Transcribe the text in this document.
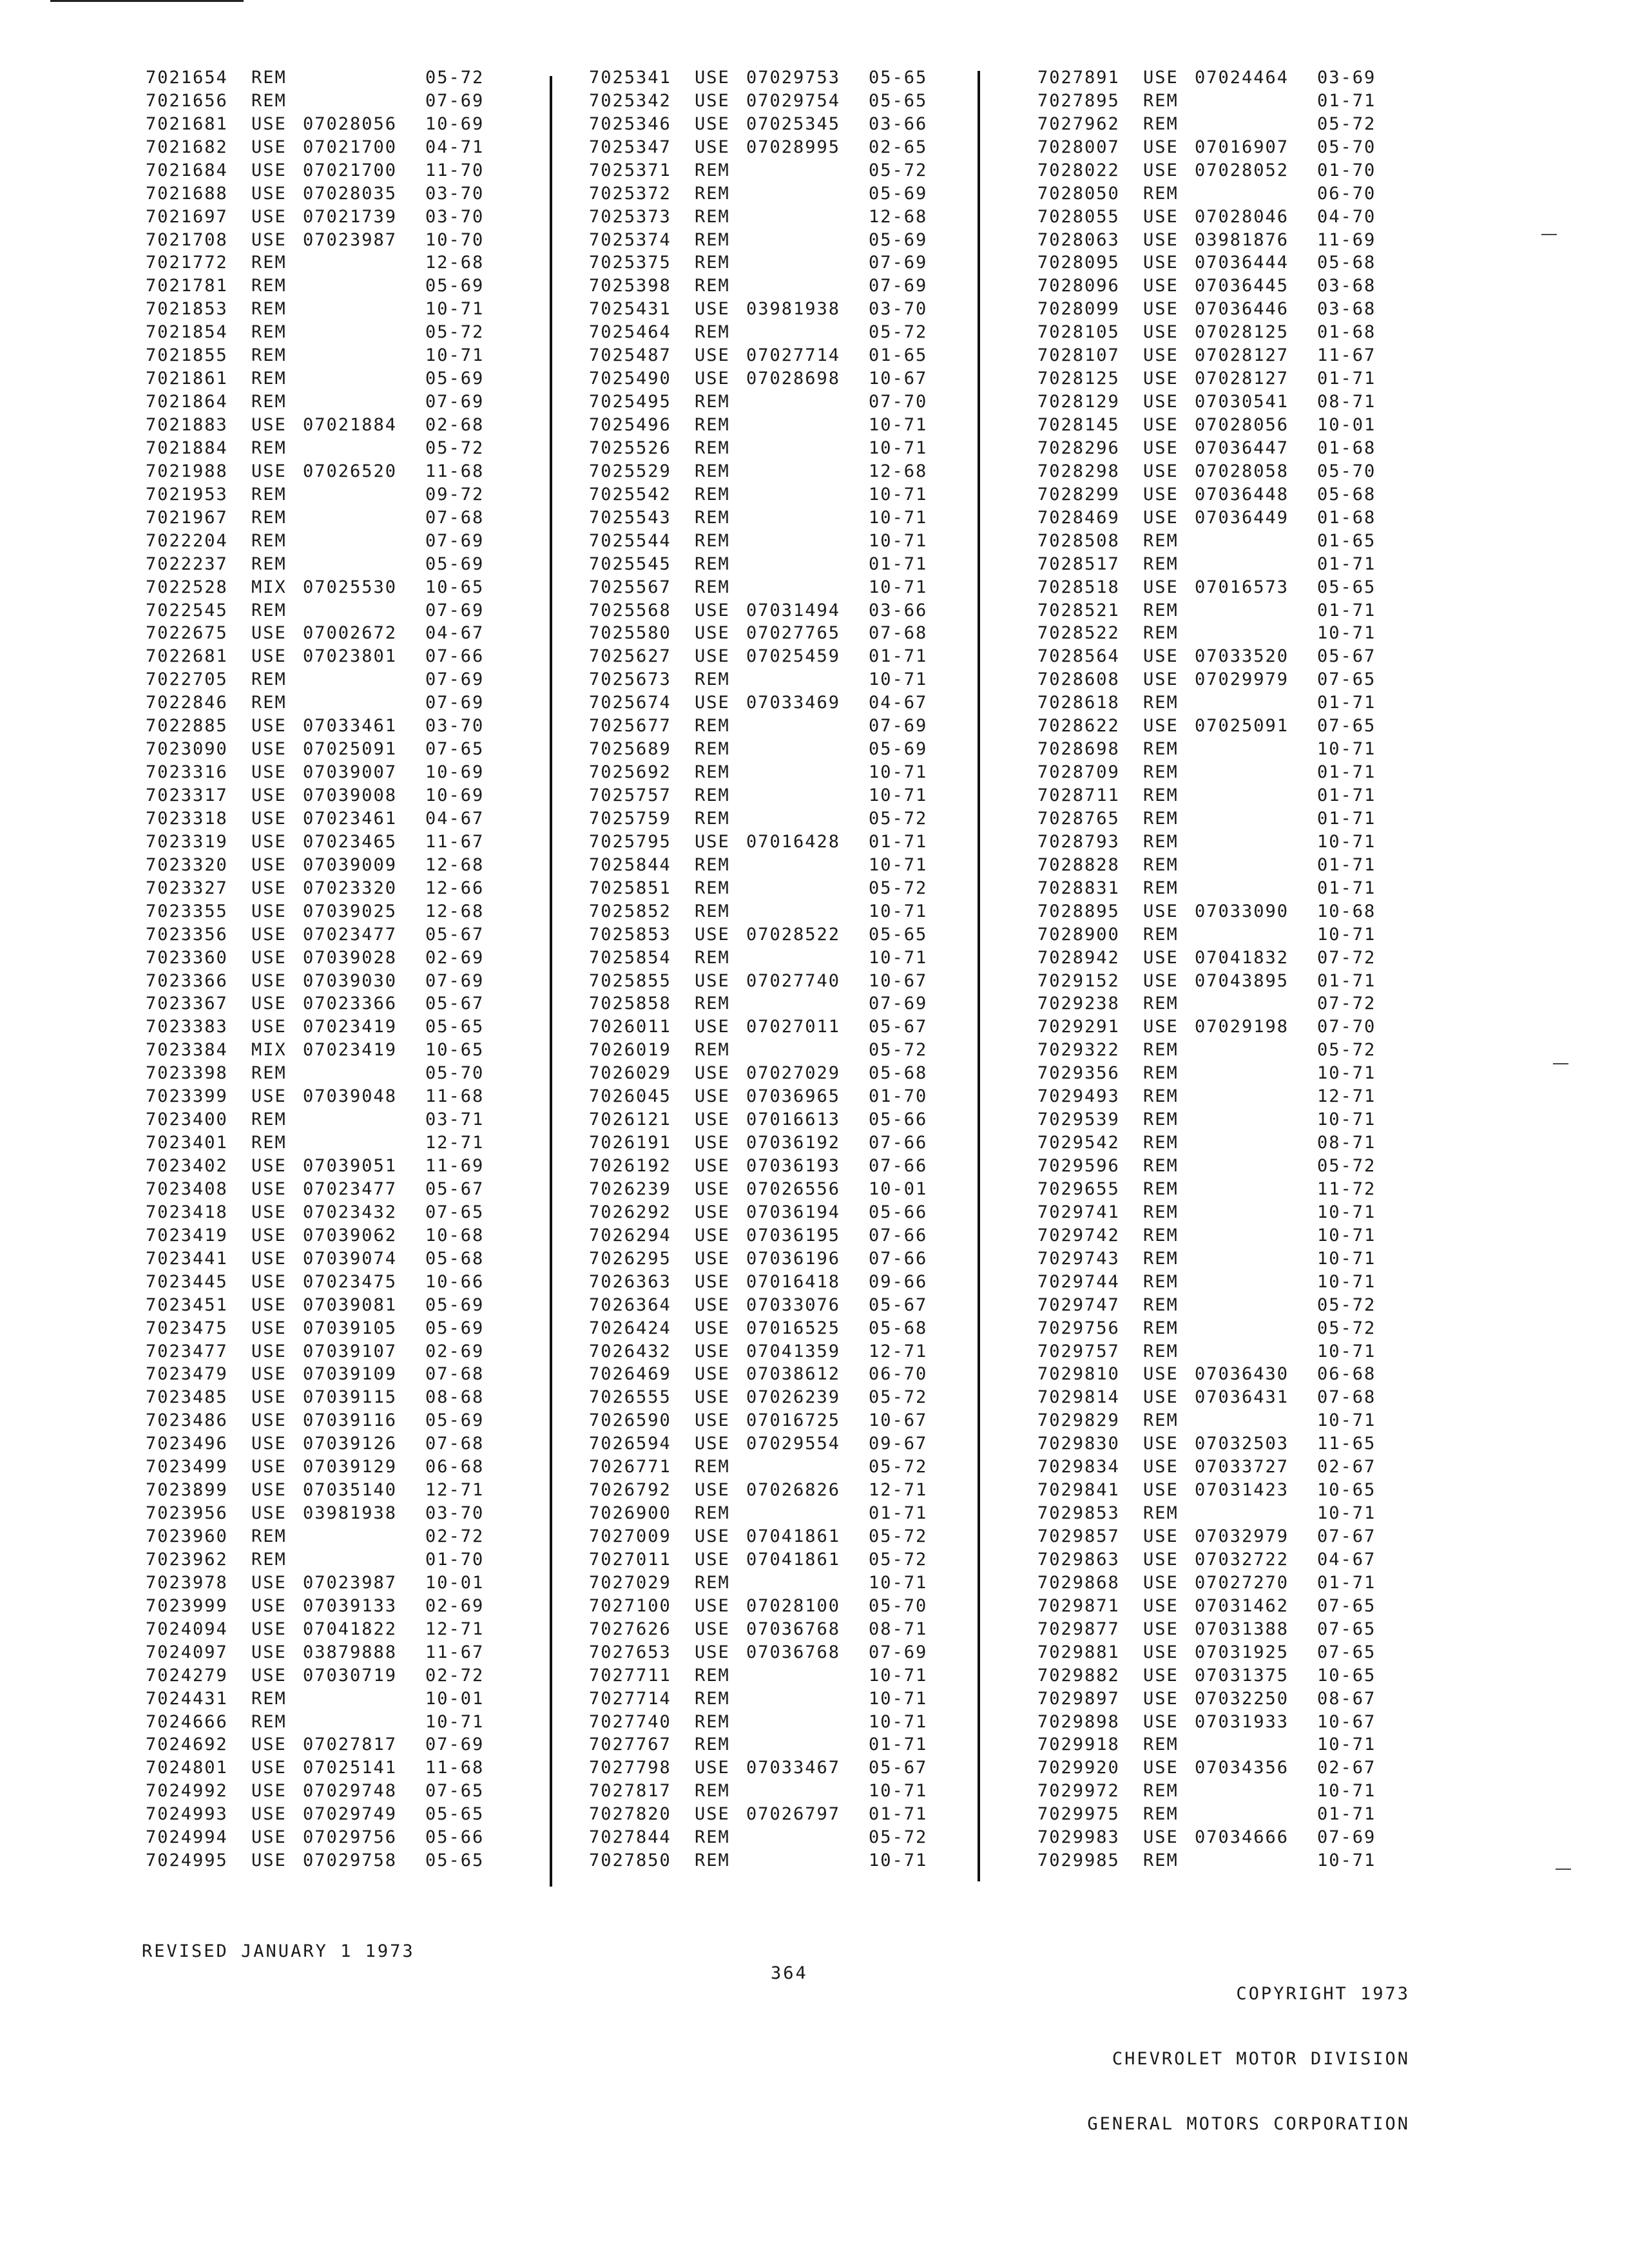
7021654	REM	05-72
7021656	REM	07-69
7021681	USE 07028056	10-69
7021682	USE 07021700	04-71
7021684	USE 07021700	11-70
7021688	USE 07028035	03-70
7021697	USE 07021739	03-70
7021708	USE 07023987	10-70
7021772	REM	12-68
7021781	REM	05-69
7021853	REM	10-71
7021854	REM	05-72
7021855	REM	10-71
7021861	REM	05-69
7021864	REM	07-69
7021883	USE 07021884	02-68
7021884	REM	05-72
7021988	USE 07026520	11-68
7021953	REM	09-72
7021967	REM	07-68
7022204	REM	07-69
7022237	REM	05-69
7022528	MIX 07025530	10-65
7022545	REM	07-69
7022675	USE 07002672	04-67
7022681	USE 07023801	07-66
7022705	REM	07-69
7022846	REM	07-69
7022885	USE 07033461	03-70
7023090	USE 07025091	07-65
7023316	USE 07039007	10-69
7023317	USE 07039008	10-69
7023318	USE 07023461	04-67
7023319	USE 07023465	11-67
7023320	USE 07039009	12-68
7023327	USE 07023320	12-66
7023355	USE 07039025	12-68
7023356	USE 07023477	05-67
7023360	USE 07039028	02-69
7023366	USE 07039030	07-69
7023367	USE 07023366	05-67
7023383	USE 07023419	05-65
7023384	MIX 07023419	10-65
7023398	REM	05-70
7023399	USE 07039048	11-68
7023400	REM	03-71
7023401	REM	12-71
7023402	USE 07039051	11-69
7023408	USE 07023477	05-67
7023418	USE 07023432	07-65
7023419	USE 07039062	10-68
7023441	USE 07039074	05-68
7023445	USE 07023475	10-66
7023451	USE 07039081	05-69
7023475	USE 07039105	05-69
7023477	USE 07039107	02-69
7023479	USE 07039109	07-68
7023485	USE 07039115	08-68
7023486	USE 07039116	05-69
7023496	USE 07039126	07-68
7023499	USE 07039129	06-68
7023899	USE 07035140	12-71
7023956	USE 03981938	03-70
7023960	REM	02-72
7023962	REM	01-70
7023978	USE 07023987	10-01
7023999	USE 07039133	02-69
7024094	USE 07041822	12-71
7024097	USE 03879888	11-67
7024279	USE 07030719	02-72
7024431	REM	10-01
7024666	REM	10-71
7024692	USE 07027817	07-69
7024801	USE 07025141	11-68
7024992	USE 07029748	07-65
7024993	USE 07029749	05-65
7024994	USE 07029756	05-66
7024995	USE 07029758	05-65
7025341	USE 07029753	05-65
7025342	USE 07029754	05-65
7025346	USE 07025345	03-66
7025347	USE 07028995	02-65
7025371	REM	05-72
7025372	REM	05-69
7025373	REM	12-68
7025374	REM	05-69
7025375	REM	07-69
7025398	REM	07-69
7025431	USE 03981938	03-70
7025464	REM	05-72
7025487	USE 07027714	01-65
7025490	USE 07028698	10-67
7025495	REM	07-70
7025496	REM	10-71
7025526	REM	10-71
7025529	REM	12-68
7025542	REM	10-71
7025543	REM	10-71
7025544	REM	10-71
7025545	REM	01-71
7025567	REM	10-71
7025568	USE 07031494	03-66
7025580	USE 07027765	07-68
7025627	USE 07025459	01-71
7025673	REM	10-71
7025674	USE 07033469	04-67
7025677	REM	07-69
7025689	REM	05-69
7025692	REM	10-71
7025757	REM	10-71
7025759	REM	05-72
7025795	USE 07016428	01-71
7025844	REM	10-71
7025851	REM	05-72
7025852	REM	10-71
7025853	USE 07028522	05-65
7025854	REM	10-71
7025855	USE 07027740	10-67
7025858	REM	07-69
7026011	USE 07027011	05-67
7026019	REM	05-72
7026029	USE 07027029	05-68
7026045	USE 07036965	01-70
7026121	USE 07016613	05-66
7026191	USE 07036192	07-66
7026192	USE 07036193	07-66
7026239	USE 07026556	10-01
7026292	USE 07036194	05-66
7026294	USE 07036195	07-66
7026295	USE 07036196	07-66
7026363	USE 07016418	09-66
7026364	USE 07033076	05-67
7026424	USE 07016525	05-68
7026432	USE 07041359	12-71
7026469	USE 07038612	06-70
7026555	USE 07026239	05-72
7026590	USE 07016725	10-67
7026594	USE 07029554	09-67
7026771	REM	05-72
7026792	USE 07026826	12-71
7026900	REM	01-71
7027009	USE 07041861	05-72
7027011	USE 07041861	05-72
7027029	REM	10-71
7027100	USE 07028100	05-70
7027626	USE 07036768	08-71
7027653	USE 07036768	07-69
7027711	REM	10-71
7027714	REM	10-71
7027740	REM	10-71
7027767	REM	01-71
7027798	USE 07033467	05-67
7027817	REM	10-71
7027820	USE 07026797	01-71
7027844	REM	05-72
7027850	REM	10-71
7027891	USE 07024464	03-69
7027895	REM	01-71
7027962	REM	05-72
7028007	USE 07016907	05-70
7028022	USE 07028052	01-70
7028050	REM	06-70
7028055	USE 07028046	04-70
7028063	USE 03981876	11-69
7028095	USE 07036444	05-68
7028096	USE 07036445	03-68
7028099	USE 07036446	03-68
7028105	USE 07028125	01-68
7028107	USE 07028127	11-67
7028125	USE 07028127	01-71
7028129	USE 07030541	08-71
7028145	USE 07028056	10-01
7028296	USE 07036447	01-68
7028298	USE 07028058	05-70
7028299	USE 07036448	05-68
7028469	USE 07036449	01-68
7028508	REM	01-65
7028517	REM	01-71
7028518	USE 07016573	05-65
7028521	REM	01-71
7028522	REM	10-71
7028564	USE 07033520	05-67
7028608	USE 07029979	07-65
7028618	REM	01-71
7028622	USE 07025091	07-65
7028698	REM	10-71
7028709	REM	01-71
7028711	REM	01-71
7028765	REM	01-71
7028793	REM	10-71
7028828	REM	01-71
7028831	REM	01-71
7028895	USE 07033090	10-68
7028900	REM	10-71
7028942	USE 07041832	07-72
7029152	USE 07043895	01-71
7029238	REM	07-72
7029291	USE 07029198	07-70
7029322	REM	05-72
7029356	REM	10-71
7029493	REM	12-71
7029539	REM	10-71
7029542	REM	08-71
7029596	REM	05-72
7029655	REM	11-72
7029741	REM	10-71
7029742	REM	10-71
7029743	REM	10-71
7029744	REM	10-71
7029747	REM	05-72
7029756	REM	05-72
7029757	REM	10-71
7029810	USE 07036430	06-68
7029814	USE 07036431	07-68
7029829	REM	10-71
7029830	USE 07032503	11-65
7029834	USE 07033727	02-67
7029841	USE 07031423	10-65
7029853	REM	10-71
7029857	USE 07032979	07-67
7029863	USE 07032722	04-67
7029868	USE 07027270	01-71
7029871	USE 07031462	07-65
7029877	USE 07031388	07-65
7029881	USE 07031925	07-65
7029882	USE 07031375	10-65
7029897	USE 07032250	08-67
7029898	USE 07031933	10-67
7029918	REM	10-71
7029920	USE 07034356	02-67
7029972	REM	10-71
7029975	REM	01-71
7029983	USE 07034666	07-69
7029985	REM	10-71
REVISED JANUARY 1 1973
364

COPYRIGHT 1973

CHEVROLET MOTOR DIVISION

GENERAL MOTORS CORPORATION
